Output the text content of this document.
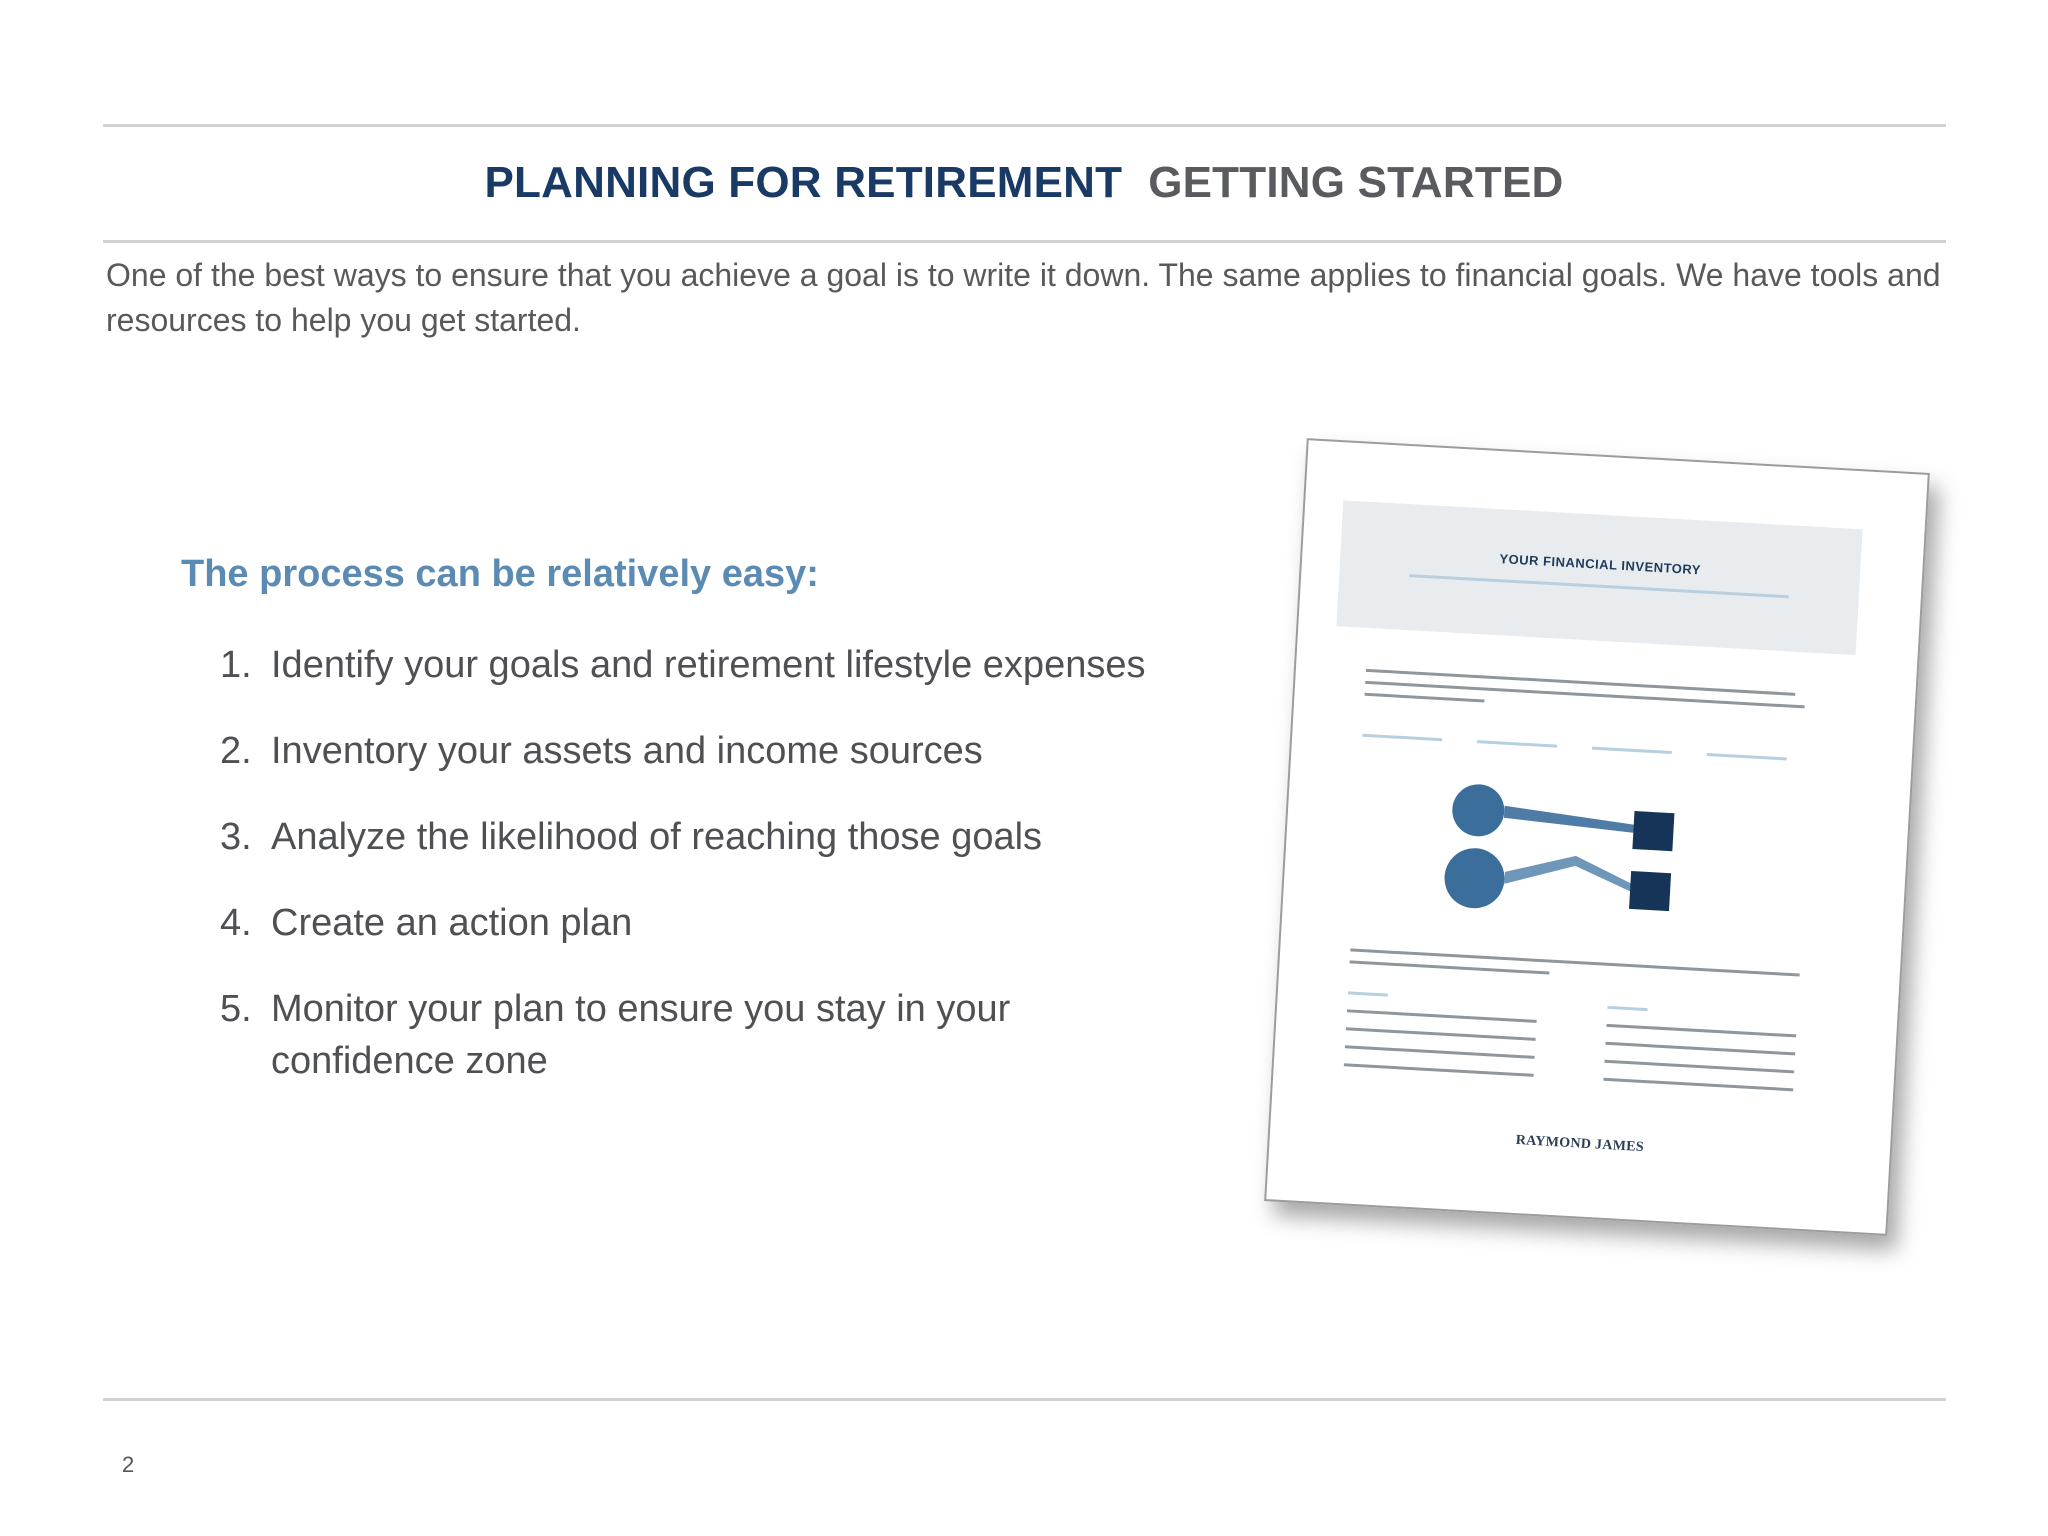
PLANNING FOR RETIREMENT GETTING STARTED
One of the best ways to ensure that you achieve a goal is to write it down. The same applies to financial goals. We have tools and resources to help you get started.
The process can be relatively easy:
1. Identify your goals and retirement lifestyle expenses
2. Inventory your assets and income sources
3. Analyze the likelihood of reaching those goals
4. Create an action plan
5. Monitor your plan to ensure you stay in your confidence zone
YOUR FINANCIAL INVENTORY
RAYMOND JAMES
2
